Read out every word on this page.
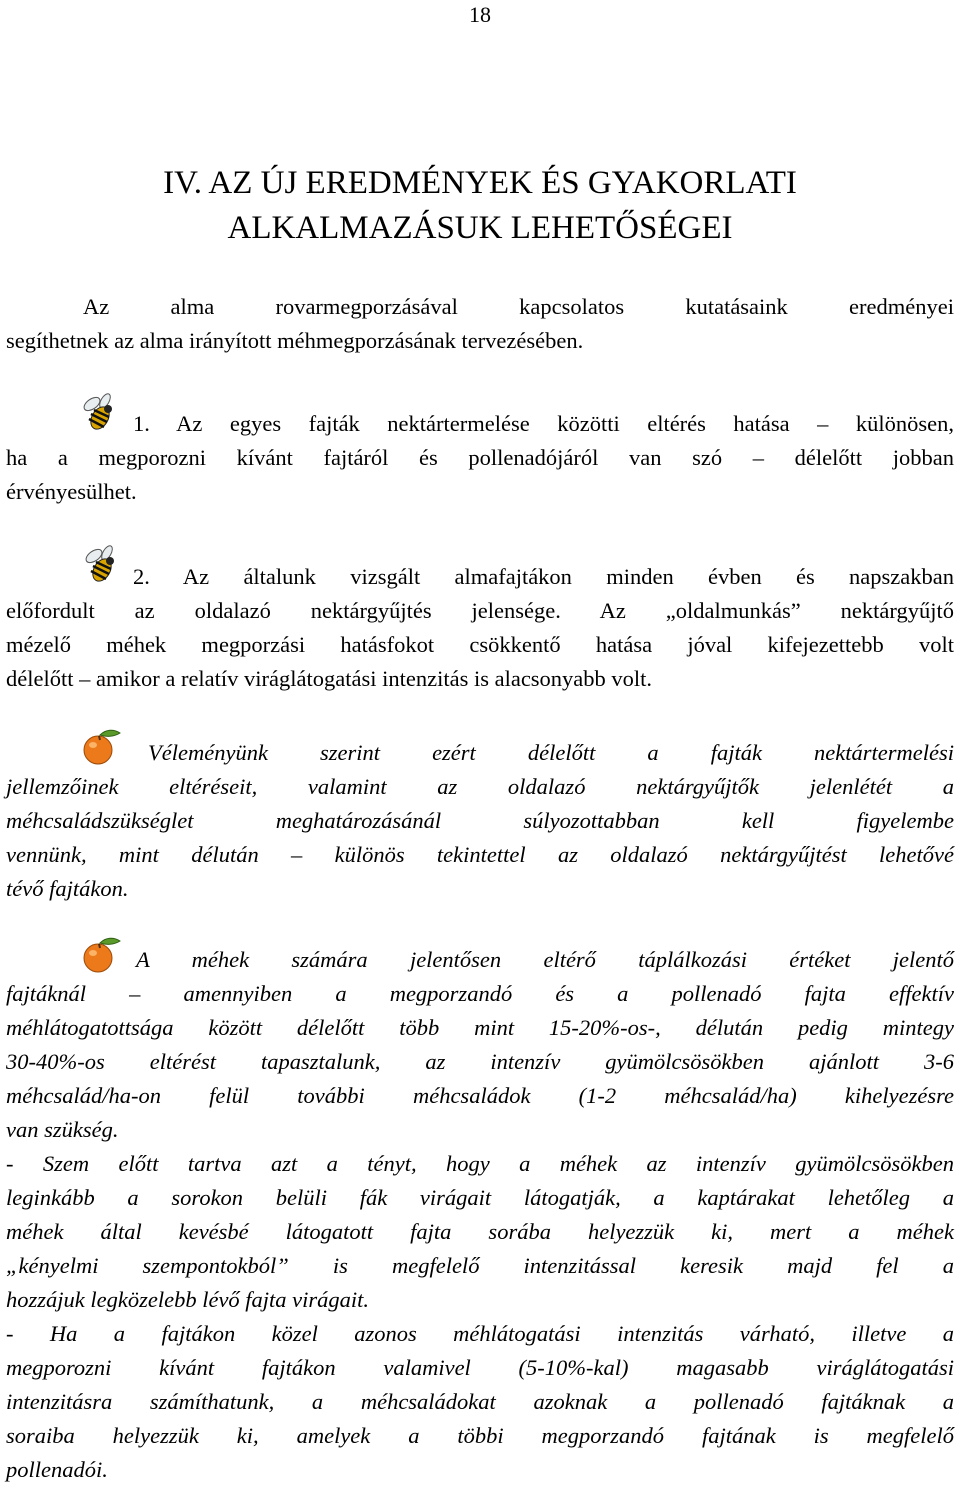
18
IV. AZ ÚJ EREDMÉNYEK ÉS GYAKORLATI
ALKALMAZÁSUK LEHETŐSÉGEI
Az alma rovarmegporzásával kapcsolatos kutatásaink eredményei
segíthetnek az alma irányított méhmegporzásának tervezésében.
1. Az egyes fajták nektártermelése közötti eltérés hatása – különösen,
ha a megporozni kívánt fajtáról és pollenadójáról van szó – délelőtt jobban
érvényesülhet.
2. Az általunk vizsgált almafajtákon minden évben és napszakban
előfordult az oldalazó nektárgyűjtés jelensége. Az „oldalmunkás” nektárgyűjtő
mézelő méhek megporzási hatásfokot csökkentő hatása jóval kifejezettebb volt
délelőtt – amikor a relatív viráglátogatási intenzitás is alacsonyabb volt.
Véleményünk szerint ezért délelőtt a fajták nektártermelési
jellemzőinek eltéréseit, valamint az oldalazó nektárgyűjtők jelenlétét a
méhcsaládszükséglet meghatározásánál súlyozottabban kell figyelembe
vennünk, mint délután – különös tekintettel az oldalazó nektárgyűjtést lehetővé
tévő fajtákon.
A méhek számára jelentősen eltérő táplálkozási értéket jelentő
fajtáknál – amennyiben a megporzandó és a pollenadó fajta effektív
méhlátogatottsága között délelőtt több mint 15-20%-os-, délután pedig mintegy
30-40%-os eltérést tapasztalunk, az intenzív gyümölcsösökben ajánlott 3-6
méhcsalád/ha-on felül további méhcsaládok (1-2 méhcsalád/ha) kihelyezésre
van szükség.
- Szem előtt tartva azt a tényt, hogy a méhek az intenzív gyümölcsösökben
leginkább a sorokon belüli fák virágait látogatják, a kaptárakat lehetőleg a
méhek által kevésbé látogatott fajta sorába helyezzük ki, mert a méhek
„kényelmi szempontokból” is megfelelő intenzitással keresik majd fel a
hozzájuk legközelebb lévő fajta virágait.
- Ha a fajtákon közel azonos méhlátogatási intenzitás várható, illetve a
megporozni kívánt fajtákon valamivel (5-10%-kal) magasabb viráglátogatási
intenzitásra számíthatunk, a méhcsaládokat azoknak a pollenadó fajtáknak a
soraiba helyezzük ki, amelyek a többi megporzandó fajtának is megfelelő
pollenadói.
